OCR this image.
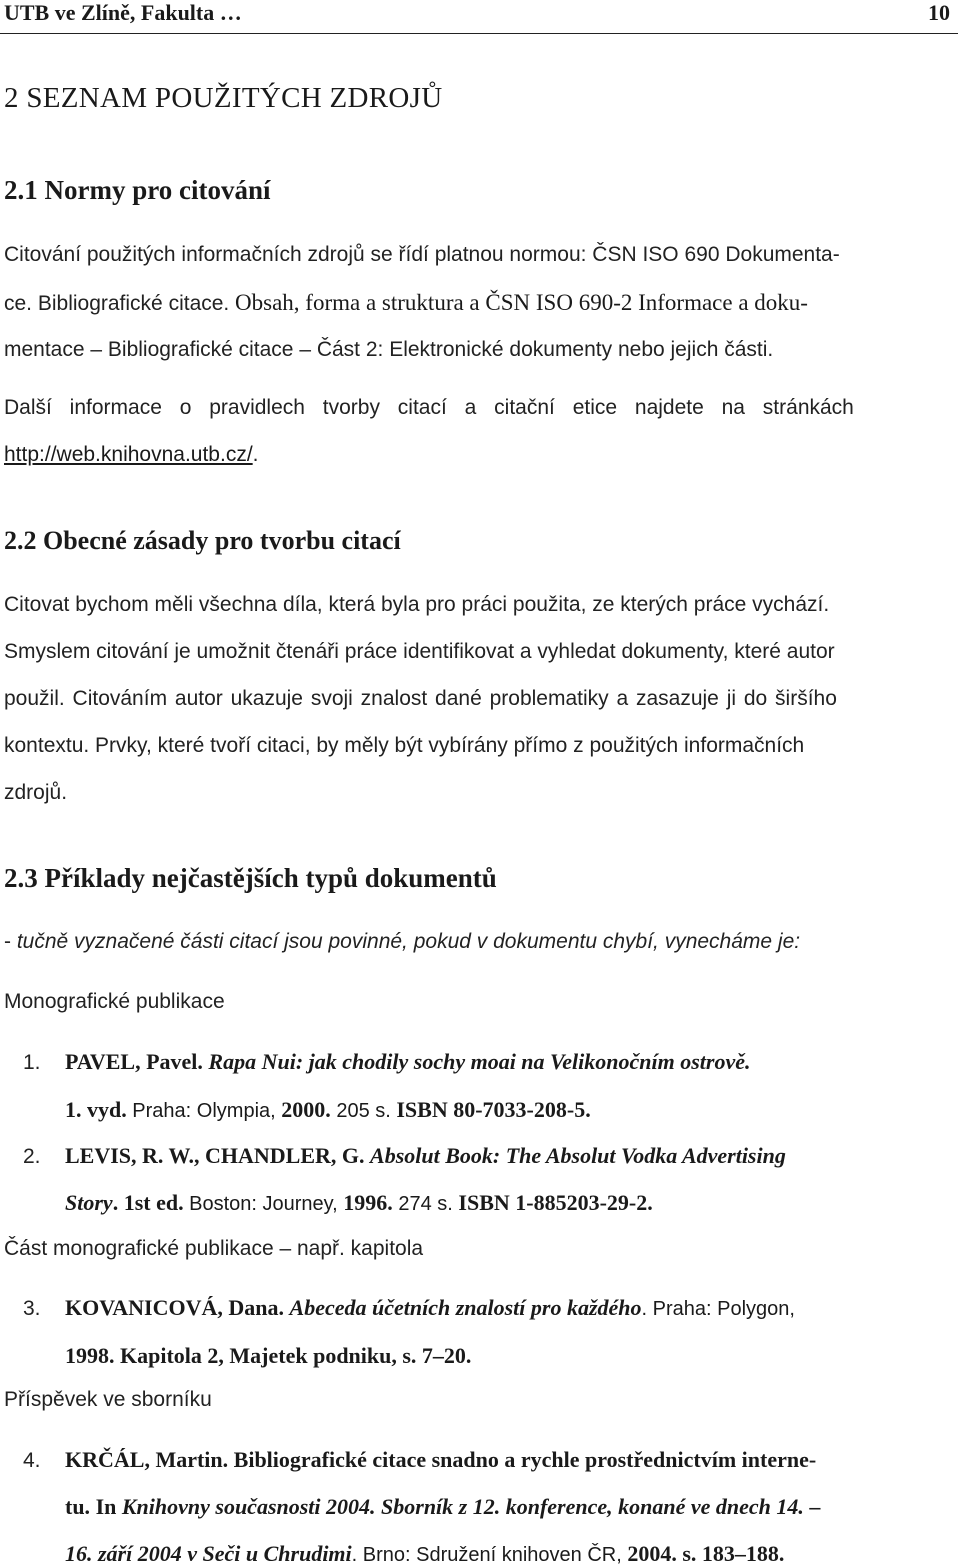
UTB ve Zlíně, Fakulta …	10
2 SEZNAM POUŽITÝCH ZDROJŮ
2.1 Normy pro citování
Citování použitých informačních zdrojů se řídí platnou normou: ČSN ISO 690 Dokumenta-
ce. Bibliografické citace. Obsah, forma a struktura a ČSN ISO 690-2 Informace a doku-
mentace – Bibliografické citace – Část 2: Elektronické dokumenty nebo jejich části.
Další informace o pravidlech tvorby citací a citační etice najdete na stránkách
http://web.knihovna.utb.cz/.
2.2 Obecné zásady pro tvorbu citací
Citovat bychom měli všechna díla, která byla pro práci použita, ze kterých práce vychází.
Smyslem citování je umožnit čtenáři práce identifikovat a vyhledat dokumenty, které autor
použil. Citováním autor ukazuje svoji znalost dané problematiky a zasazuje ji do širšího
kontextu. Prvky, které tvoří citaci, by měly být vybírány přímo z použitých informačních
zdrojů.
2.3 Příklady nejčastějších typů dokumentů
- tučně vyznačené části citací jsou povinné, pokud v dokumentu chybí, vynecháme je:
Monografické publikace
1. PAVEL, Pavel. Rapa Nui: jak chodily sochy moai na Velikonočním ostrově.
1. vyd. Praha: Olympia, 2000. 205 s. ISBN 80-7033-208-5.
2. LEVIS, R. W., CHANDLER, G. Absolut Book: The Absolut Vodka Advertising
Story. 1st ed. Boston: Journey, 1996. 274 s. ISBN 1-885203-29-2.
Část monografické publikace – např. kapitola
3. KOVANICOVÁ, Dana. Abeceda účetních znalostí pro každého. Praha: Polygon,
1998. Kapitola 2, Majetek podniku, s. 7–20.
Příspěvek ve sborníku
4. KRČÁL, Martin. Bibliografické citace snadno a rychle prostřednictvím interne-
tu. In Knihovny současnosti 2004. Sborník z 12. konference, konané ve dnech 14. –
16. září 2004 v Seči u Chrudimi. Brno: Sdružení knihoven ČR, 2004. s. 183–188.
